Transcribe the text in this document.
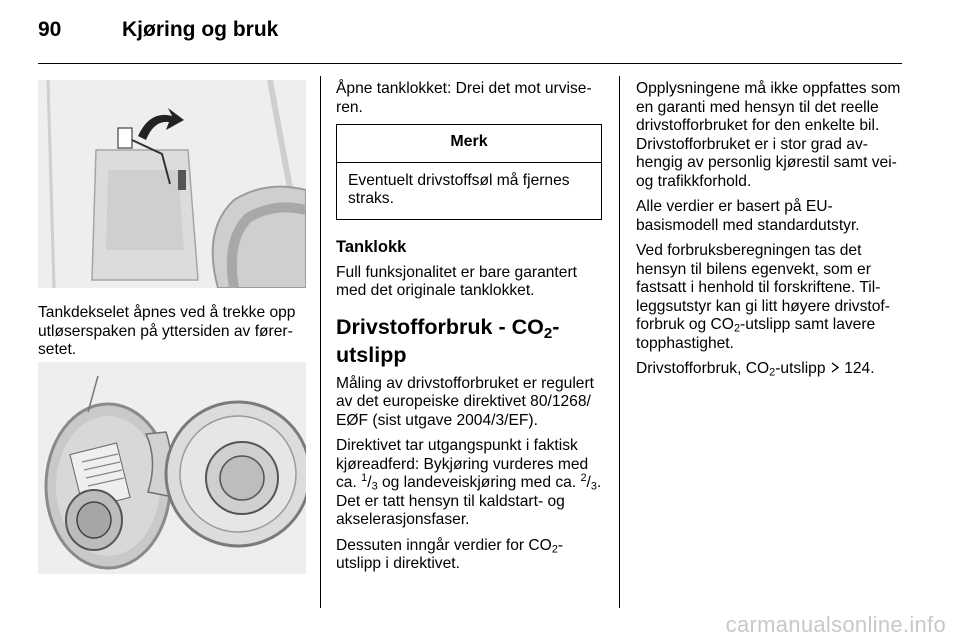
90	Kjøring og bruk

Tankdekselet åpnes ved å trekke opp utløserspaken på yttersiden av førersetet.

Åpne tanklokket: Drei det mot urviseren.

Merk
Eventuelt drivstoffsøl må fjernes straks.

Tanklokk

Full funksjonalitet er bare garantert med det originale tanklokket.

Drivstofforbruk - $CO_2-$
utslipp

Måling av drivstofforbruket er regulert av det europeiske direktivet 80/1268/ EØF (sist utgave 2004/3/EF).

Direktivet tar utgangspunkt i faktisk kjøreadferd: Bykjøring vurderes med ca. $^1/_3$ og landeveiskjøring med ca. $^2/_3$. Det er tatt hensyn til kaldstart- og akselerasjonsfaser.

Dessuten inngår verdier for $CO_2$-utslipp i direktivet.

Opplysningene må ikke oppfattes som en garanti med hensyn til det reelle drivstofforbruket for den enkelte bil. Drivstofforbruket er i stor grad avhengig av personlig kjørestil samt vei- og trafikkforhold.

Alle verdier er basert på EU-basismodell med standardutstyr.

Ved forbruksberegningen tas det hensyn til bilens egenvekt, som er fastsatt i henhold til forskriftene. Tilleggsutstyr kan gi litt høyere drivstofforbruk og $CO_2$-utslipp samt lavere topphastighet.

Drivstofforbruk, $CO_2$-utslipp  124.

carmanualsonline.info
